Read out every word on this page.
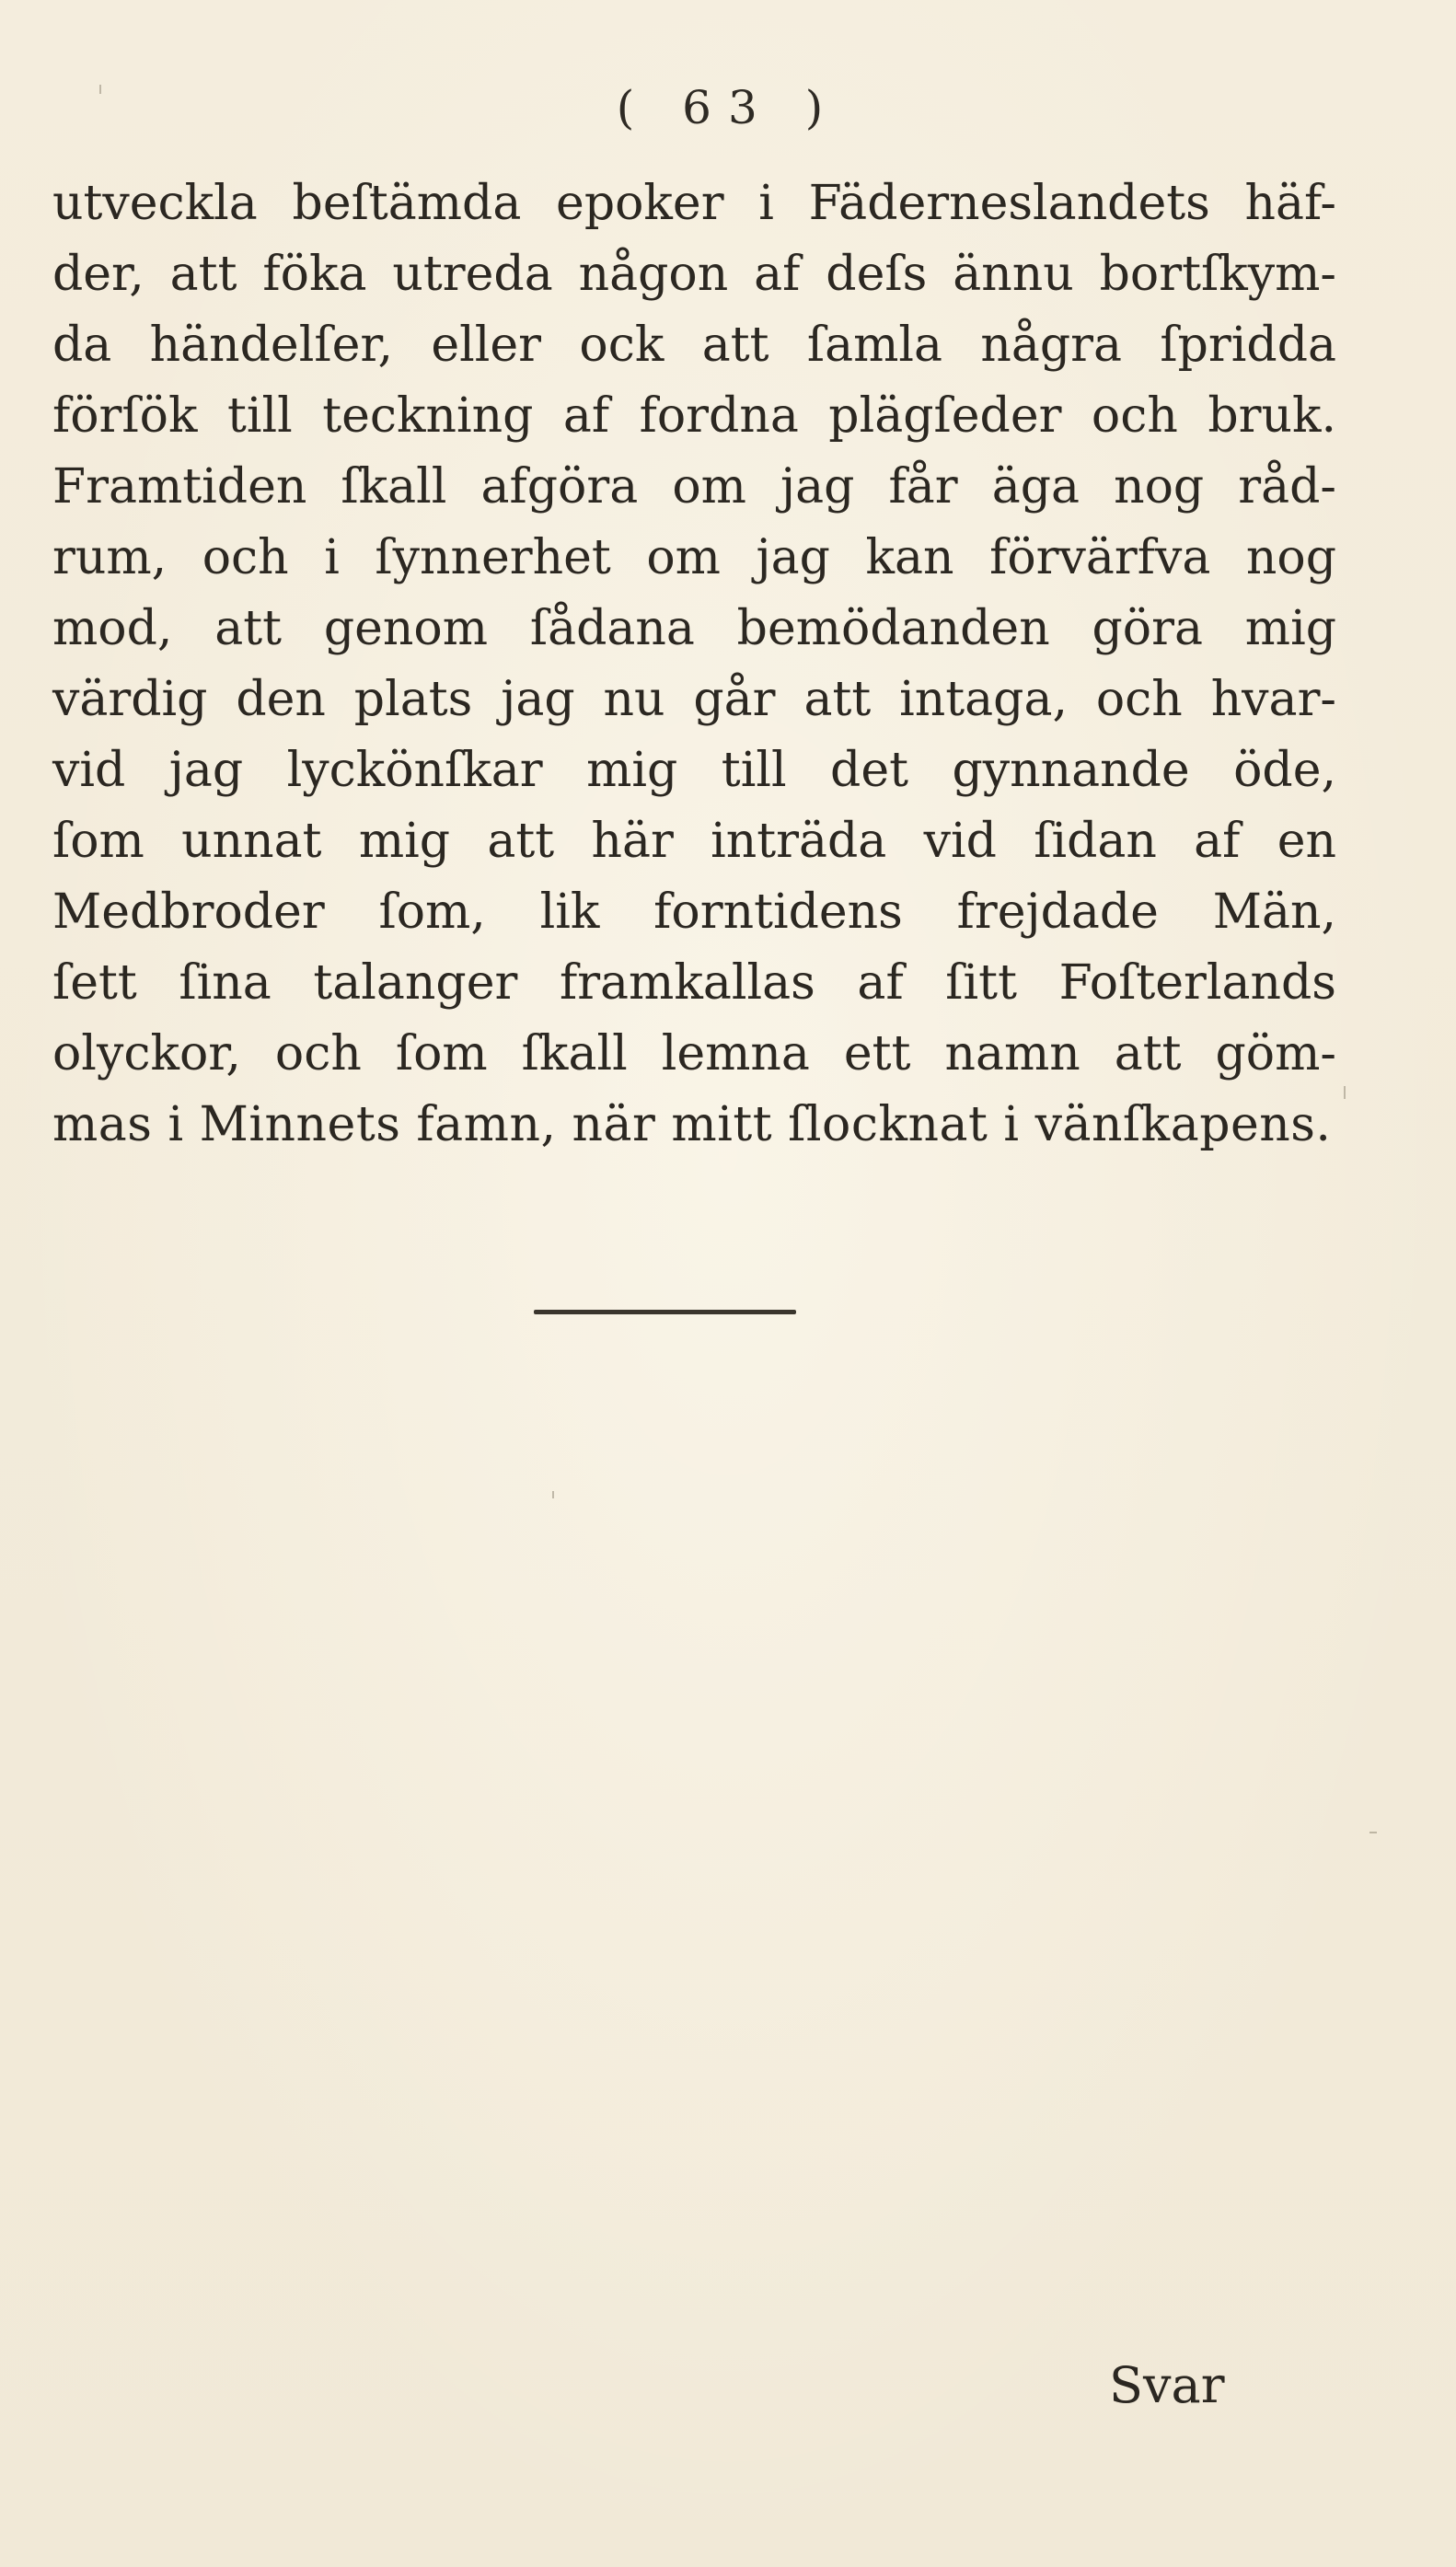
( 63 )
utveckla beſtämda epoker i Fäderneslandets häf-
der, att föka utreda någon af deſs ännu bortſkym-
da händelſer, eller ock att ſamla några ſpridda
förſök till teckning af fordna plägſeder och bruk.
Framtiden ſkall afgöra om jag får äga nog råd-
rum, och i ſynnerhet om jag kan förvärfva nog
mod, att genom ſådana bemödanden göra mig
värdig den plats jag nu går att intaga, och hvar-
vid jag lyckönſkar mig till det gynnande öde,
ſom unnat mig att här inträda vid ſidan af en
Medbroder ſom, lik forntidens frejdade Män,
ſett ſina talanger framkallas af ſitt Foſterlands
olyckor, och ſom ſkall lemna ett namn att göm-
mas i Minnets famn, när mitt ſlocknat i vänſkapens.
Svar
